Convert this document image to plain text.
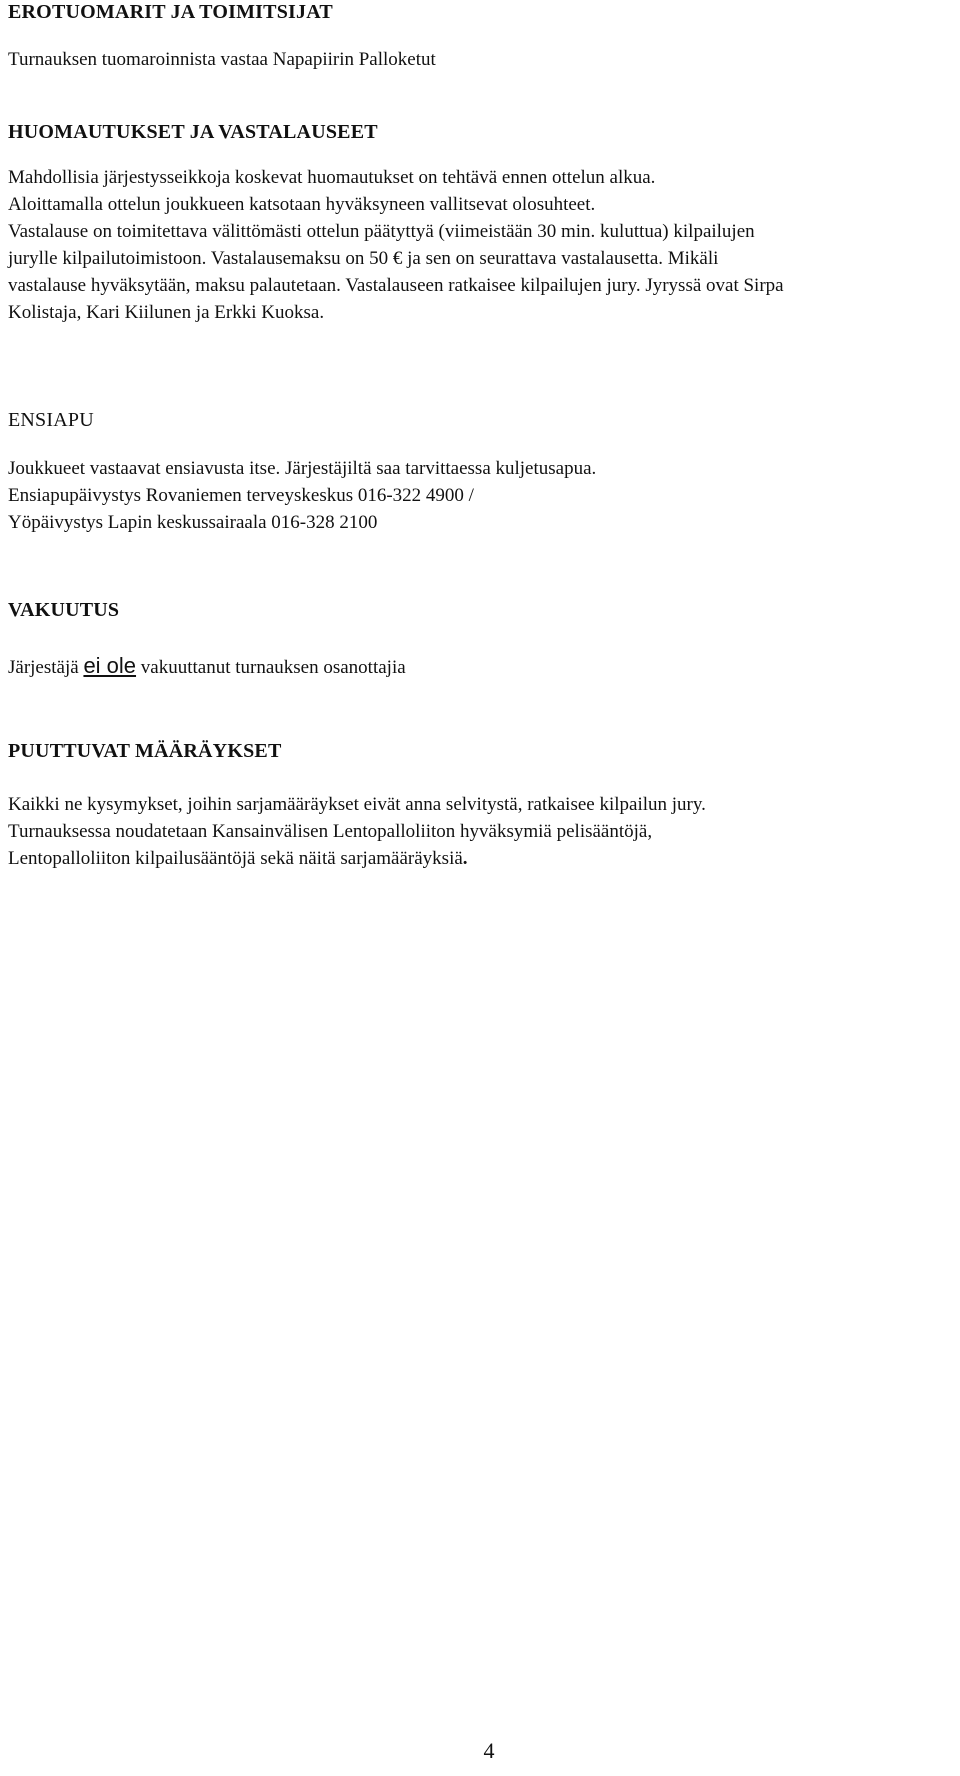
EROTUOMARIT JA TOIMITSIJAT

Turnauksen tuomaroinnista vastaa Napapiirin Palloketut

HUOMAUTUKSET JA VASTALAUSEET

Mahdollisia järjestysseikkoja koskevat huomautukset on tehtävä ennen ottelun alkua.
Aloittamalla ottelun joukkueen katsotaan hyväksyneen vallitsevat olosuhteet.
Vastalause on toimitettava välittömästi ottelun päätyttyä (viimeistään 30 min. kuluttua) kilpailujen
jurylle kilpailutoimistoon. Vastalausemaksu on 50 € ja sen on seurattava vastalausetta. Mikäli
vastalause hyväksytään, maksu palautetaan. Vastalauseen ratkaisee kilpailujen jury. Jyryssä ovat Sirpa
Kolistaja, Kari Kiilunen ja Erkki Kuoksa.

ENSIAPU

Joukkueet vastaavat ensiavusta itse. Järjestäjiltä saa tarvittaessa kuljetusapua.
Ensiapupäivystys Rovaniemen terveyskeskus 016-322 4900 /
Yöpäivystys Lapin keskussairaala 016-328 2100

VAKUUTUS

Järjestäjä ei ole vakuuttanut turnauksen osanottajia

PUUTTUVAT MÄÄRÄYKSET

Kaikki ne kysymykset, joihin sarjamääräykset eivät anna selvitystä, ratkaisee kilpailun jury.
Turnauksessa noudatetaan Kansainvälisen Lentopalloliiton hyväksymiä pelisääntöjä,
Lentopalloliiton kilpailusääntöjä sekä näitä sarjamääräyksiä.

4
